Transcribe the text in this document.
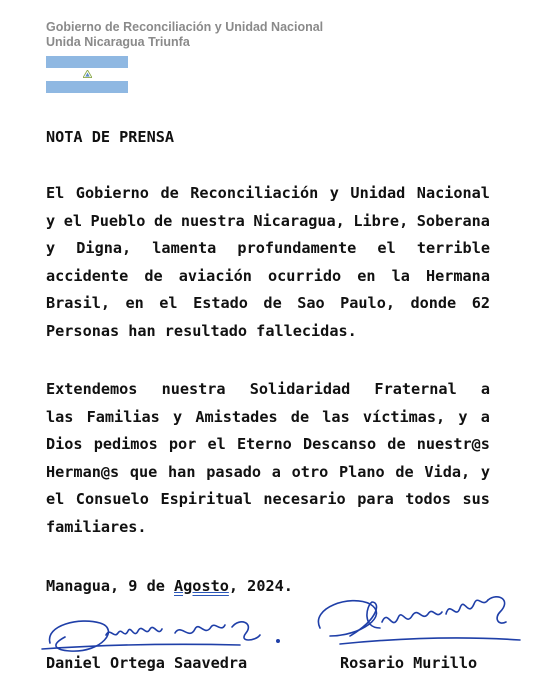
Gobierno de Reconciliación y Unidad Nacional
Unida Nicaragua Triunfa
NOTA DE PRENSA
El Gobierno de Reconciliación y Unidad Nacional
y el Pueblo de nuestra Nicaragua, Libre, Soberana
y Digna, lamenta profundamente el terrible
accidente de aviación ocurrido en la Hermana
Brasil, en el Estado de Sao Paulo, donde 62
Personas han resultado fallecidas.
Extendemos nuestra Solidaridad Fraternal a
las Familias y Amistades de las víctimas, y a
Dios pedimos por el Eterno Descanso de nuestr@s
Herman@s que han pasado a otro Plano de Vida, y
el Consuelo Espiritual necesario para todos sus
familiares.
Managua, 9 de Agosto, 2024.
Daniel Ortega Saavedra	Rosario Murillo
